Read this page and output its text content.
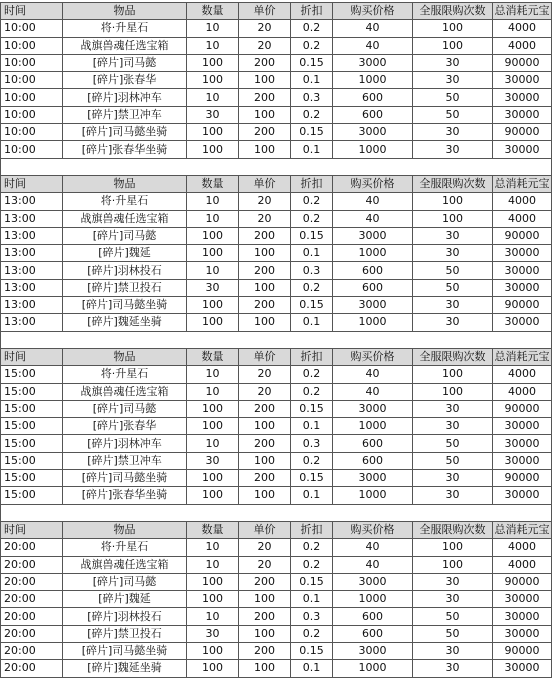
时间	物品	数量	单价	折扣	购买价格	全服限购次数	总消耗元宝
10:00	将·升星石	10	20	0.2	40	100	4000
10:00	战旗兽魂任选宝箱	10	20	0.2	40	100	4000
10:00	[碎片]司马懿	100	200	0.15	3000	30	90000
10:00	[碎片]张春华	100	100	0.1	1000	30	30000
10:00	[碎片]羽林冲车	10	200	0.3	600	50	30000
10:00	[碎片]禁卫冲车	30	100	0.2	600	50	30000
10:00	[碎片]司马懿坐骑	100	200	0.15	3000	30	90000
10:00	[碎片]张春华坐骑	100	100	0.1	1000	30	30000

时间	物品	数量	单价	折扣	购买价格	全服限购次数	总消耗元宝
13:00	将·升星石	10	20	0.2	40	100	4000
13:00	战旗兽魂任选宝箱	10	20	0.2	40	100	4000
13:00	[碎片]司马懿	100	200	0.15	3000	30	90000
13:00	[碎片]魏延	100	100	0.1	1000	30	30000
13:00	[碎片]羽林投石	10	200	0.3	600	50	30000
13:00	[碎片]禁卫投石	30	100	0.2	600	50	30000
13:00	[碎片]司马懿坐骑	100	200	0.15	3000	30	90000
13:00	[碎片]魏延坐骑	100	100	0.1	1000	30	30000

时间	物品	数量	单价	折扣	购买价格	全服限购次数	总消耗元宝
15:00	将·升星石	10	20	0.2	40	100	4000
15:00	战旗兽魂任选宝箱	10	20	0.2	40	100	4000
15:00	[碎片]司马懿	100	200	0.15	3000	30	90000
15:00	[碎片]张春华	100	100	0.1	1000	30	30000
15:00	[碎片]羽林冲车	10	200	0.3	600	50	30000
15:00	[碎片]禁卫冲车	30	100	0.2	600	50	30000
15:00	[碎片]司马懿坐骑	100	200	0.15	3000	30	90000
15:00	[碎片]张春华坐骑	100	100	0.1	1000	30	30000

时间	物品	数量	单价	折扣	购买价格	全服限购次数	总消耗元宝
20:00	将·升星石	10	20	0.2	40	100	4000
20:00	战旗兽魂任选宝箱	10	20	0.2	40	100	4000
20:00	[碎片]司马懿	100	200	0.15	3000	30	90000
20:00	[碎片]魏延	100	100	0.1	1000	30	30000
20:00	[碎片]羽林投石	10	200	0.3	600	50	30000
20:00	[碎片]禁卫投石	30	100	0.2	600	50	30000
20:00	[碎片]司马懿坐骑	100	200	0.15	3000	30	90000
20:00	[碎片]魏延坐骑	100	100	0.1	1000	30	30000
